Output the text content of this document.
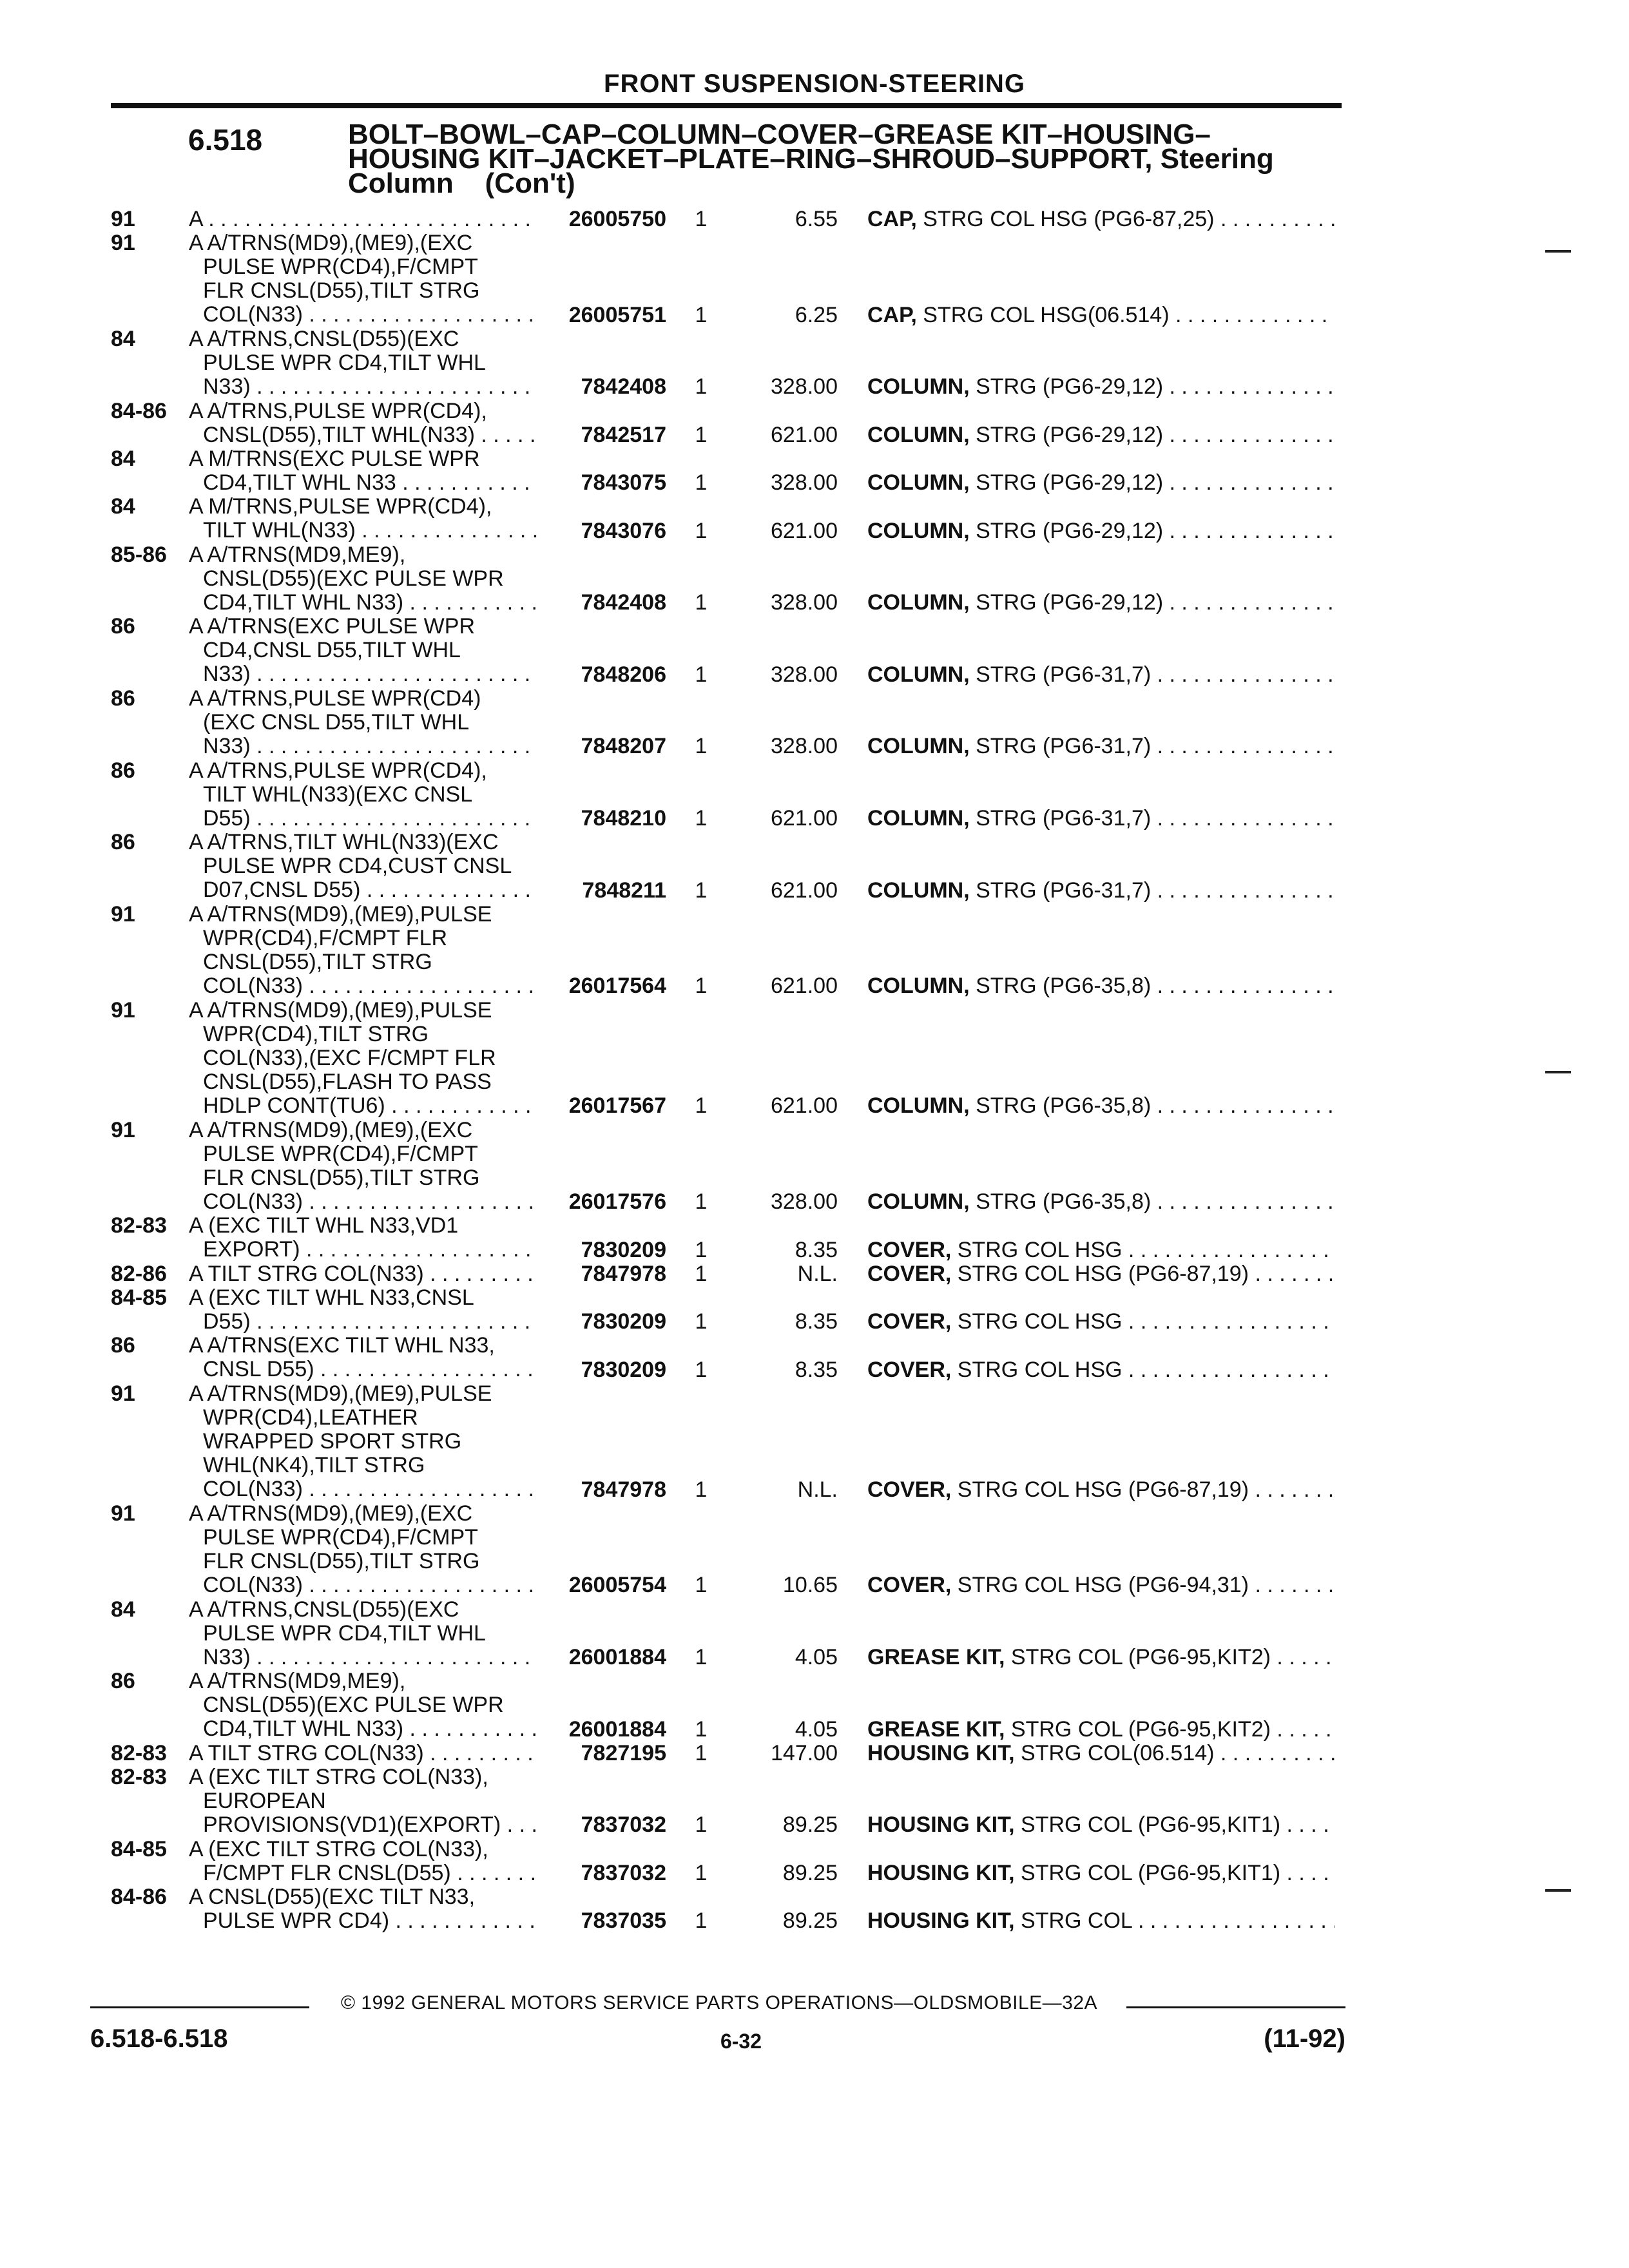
FRONT SUSPENSION-STEERING
6.518	BOLT–BOWL–CAP–COLUMN–COVER–GREASE KIT–HOUSING–
HOUSING KIT–JACKET–PLATE–RING–SHROUD–SUPPORT, Steering
Column    (Con't)
91 A . . .	26005750	1	6.55 CAP, STRG COL HSG (PG6-87,25) . . .
91 A A/TRNS(MD9),(ME9),(EXC
PULSE WPR(CD4),F/CMPT
FLR CNSL(D55),TILT STRG
COL(N33) . . .	26005751	1	6.25 CAP, STRG COL HSG(06.514) . . .
84 A A/TRNS,CNSL(D55)(EXC
PULSE WPR CD4,TILT WHL
N33) . . .	7842408	1	328.00 COLUMN, STRG (PG6-29,12) . . .
84-86 A A/TRNS,PULSE WPR(CD4),
CNSL(D55),TILT WHL(N33) . . .	7842517	1	621.00 COLUMN, STRG (PG6-29,12) . . .
84 A M/TRNS(EXC PULSE WPR
CD4,TILT WHL N33 . . .	7843075	1	328.00 COLUMN, STRG (PG6-29,12) . . .
84 A M/TRNS,PULSE WPR(CD4),
TILT WHL(N33) . . .	7843076	1	621.00 COLUMN, STRG (PG6-29,12) . . .
85-86 A A/TRNS(MD9,ME9),
CNSL(D55)(EXC PULSE WPR
CD4,TILT WHL N33) . . .	7842408	1	328.00 COLUMN, STRG (PG6-29,12) . . .
86 A A/TRNS(EXC PULSE WPR
CD4,CNSL D55,TILT WHL
N33) . . .	7848206	1	328.00 COLUMN, STRG (PG6-31,7) . . .
86 A A/TRNS,PULSE WPR(CD4)
(EXC CNSL D55,TILT WHL
N33) . . .	7848207	1	328.00 COLUMN, STRG (PG6-31,7) . . .
86 A A/TRNS,PULSE WPR(CD4),
TILT WHL(N33)(EXC CNSL
D55) . . .	7848210	1	621.00 COLUMN, STRG (PG6-31,7) . . .
86 A A/TRNS,TILT WHL(N33)(EXC
PULSE WPR CD4,CUST CNSL
D07,CNSL D55) . . .	7848211	1	621.00 COLUMN, STRG (PG6-31,7) . . .
91 A A/TRNS(MD9),(ME9),PULSE
WPR(CD4),F/CMPT FLR
CNSL(D55),TILT STRG
COL(N33) . . .	26017564	1	621.00 COLUMN, STRG (PG6-35,8) . . .
91 A A/TRNS(MD9),(ME9),PULSE
WPR(CD4),TILT STRG
COL(N33),(EXC F/CMPT FLR
CNSL(D55),FLASH TO PASS
HDLP CONT(TU6) . . .	26017567	1	621.00 COLUMN, STRG (PG6-35,8) . . .
91 A A/TRNS(MD9),(ME9),(EXC
PULSE WPR(CD4),F/CMPT
FLR CNSL(D55),TILT STRG
COL(N33) . . .	26017576	1	328.00 COLUMN, STRG (PG6-35,8) . . .
82-83 A (EXC TILT WHL N33,VD1
EXPORT) . . .	7830209	1	8.35 COVER, STRG COL HSG . . .
82-86 A TILT STRG COL(N33) . . .	7847978	1	N.L. COVER, STRG COL HSG (PG6-87,19) . . .
84-85 A (EXC TILT WHL N33,CNSL
D55) . . .	7830209	1	8.35 COVER, STRG COL HSG . . .
86 A A/TRNS(EXC TILT WHL N33,
CNSL D55) . . .	7830209	1	8.35 COVER, STRG COL HSG . . .
91 A A/TRNS(MD9),(ME9),PULSE
WPR(CD4),LEATHER
WRAPPED SPORT STRG
WHL(NK4),TILT STRG
COL(N33) . . .	7847978	1	N.L. COVER, STRG COL HSG (PG6-87,19) . . .
91 A A/TRNS(MD9),(ME9),(EXC
PULSE WPR(CD4),F/CMPT
FLR CNSL(D55),TILT STRG
COL(N33) . . .	26005754	1	10.65 COVER, STRG COL HSG (PG6-94,31) . . .
84 A A/TRNS,CNSL(D55)(EXC
PULSE WPR CD4,TILT WHL
N33) . . .	26001884	1	4.05 GREASE KIT, STRG COL (PG6-95,KIT2) . . .
86 A A/TRNS(MD9,ME9),
CNSL(D55)(EXC PULSE WPR
CD4,TILT WHL N33) . . .	26001884	1	4.05 GREASE KIT, STRG COL (PG6-95,KIT2) . . .
82-83 A TILT STRG COL(N33) . . .	7827195	1	147.00 HOUSING KIT, STRG COL(06.514) . . .
82-83 A (EXC TILT STRG COL(N33),
EUROPEAN
PROVISIONS(VD1)(EXPORT) . . .	7837032	1	89.25 HOUSING KIT, STRG COL (PG6-95,KIT1) . . .
84-85 A (EXC TILT STRG COL(N33),
F/CMPT FLR CNSL(D55) . . .	7837032	1	89.25 HOUSING KIT, STRG COL (PG6-95,KIT1) . . .
84-86 A CNSL(D55)(EXC TILT N33,
PULSE WPR CD4) . . .	7837035	1	89.25 HOUSING KIT, STRG COL . . .
© 1992 GENERAL MOTORS SERVICE PARTS OPERATIONS—OLDSMOBILE—32A
6.518-6.518	6-32	(11-92)
